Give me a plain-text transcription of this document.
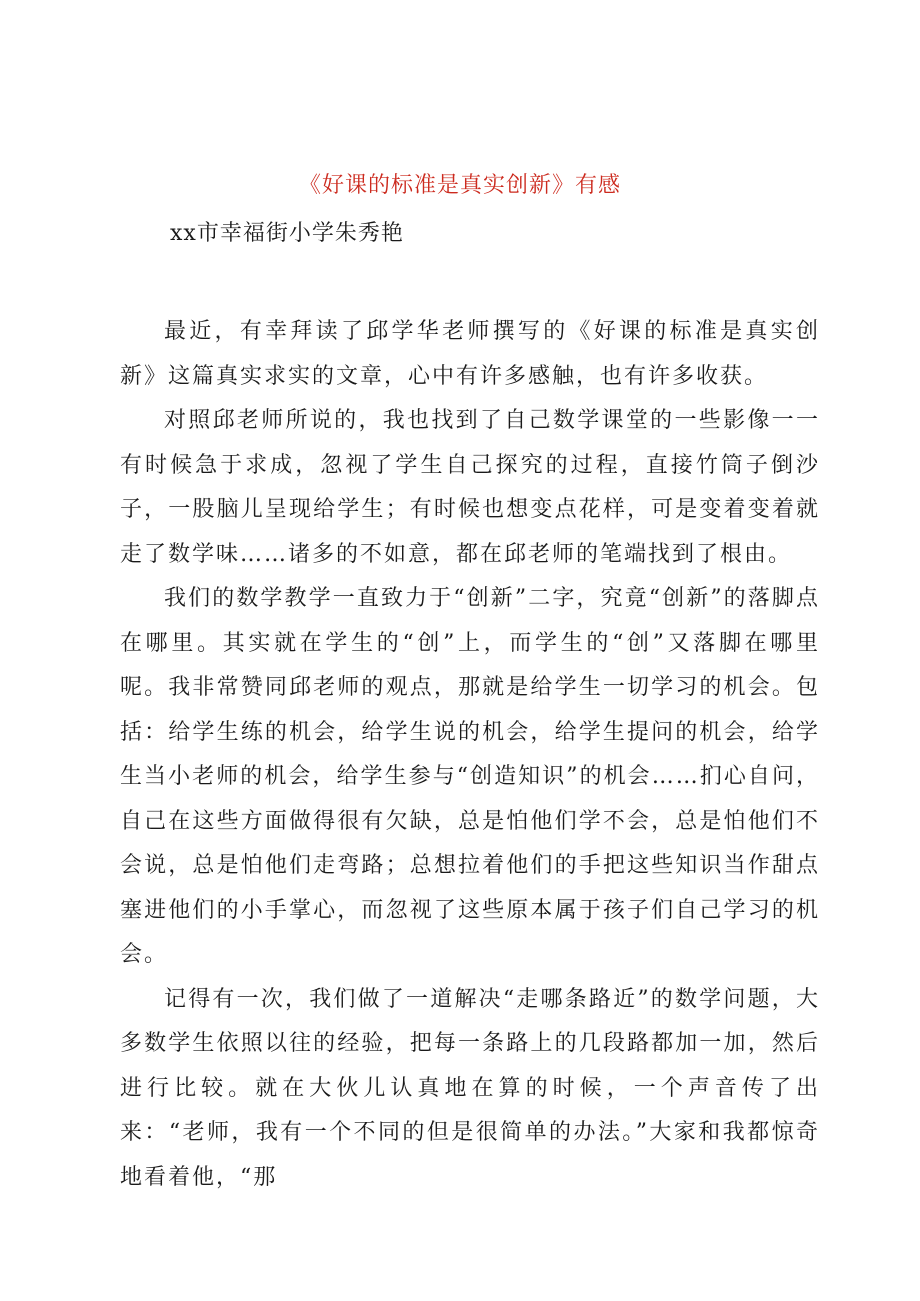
《好课的标准是真实创新》有感
xx市幸福街小学朱秀艳

最近，有幸拜读了邱学华老师撰写的《好课的标准是真实创新》这篇真实求实的文章，心中有许多感触，也有许多收获。

对照邱老师所说的，我也找到了自己数学课堂的一些影像一一有时候急于求成，忽视了学生自己探究的过程，直接竹筒子倒沙子，一股脑儿呈现给学生；有时候也想变点花样，可是变着变着就走了数学味……诸多的不如意，都在邱老师的笔端找到了根由。

我们的数学教学一直致力于“创新”二字，究竟“创新”的落脚点在哪里。其实就在学生的“创”上，而学生的“创”又落脚在哪里呢。我非常赞同邱老师的观点，那就是给学生一切学习的机会。包括：给学生练的机会，给学生说的机会，给学生提问的机会，给学生当小老师的机会，给学生参与“创造知识”的机会……扪心自问，自己在这些方面做得很有欠缺，总是怕他们学不会，总是怕他们不会说，总是怕他们走弯路；总想拉着他们的手把这些知识当作甜点塞进他们的小手掌心，而忽视了这些原本属于孩子们自己学习的机会。

记得有一次，我们做了一道解决“走哪条路近”的数学问题，大多数学生依照以往的经验，把每一条路上的几段路都加一加，然后进行比较。就在大伙儿认真地在算的时候，一个声音传了出来：“老师，我有一个不同的但是很简单的办法。”大家和我都惊奇地看着他，“那
